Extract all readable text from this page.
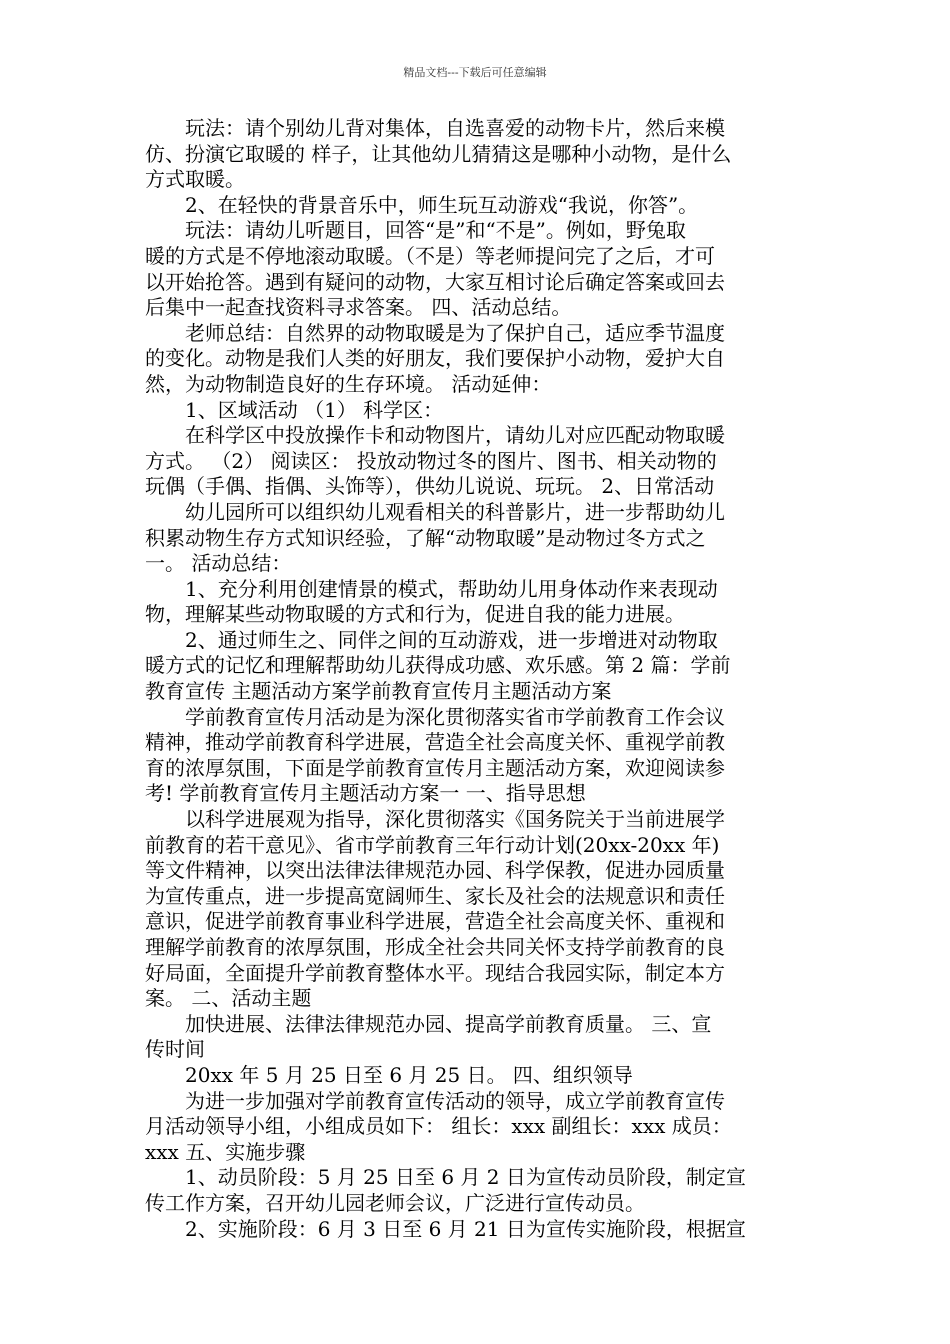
精品文档---下载后可任意编辑
　　玩法：请个别幼儿背对集体，自选喜爱的动物卡片，然后来模
仿、扮演它取暖的 样子，让其他幼儿猜猜这是哪种小动物，是什么
方式取暖。
　　2、在轻快的背景音乐中，师生玩互动游戏“我说，你答”。
　　玩法：请幼儿听题目，回答“是”和“不是”。例如，野兔取
暖的方式是不停地滚动取暖。（不是）等老师提问完了之后，才可
以开始抢答。遇到有疑问的动物，大家互相讨论后确定答案或回去
后集中一起查找资料寻求答案。 四、活动总结。
　　老师总结：自然界的动物取暖是为了保护自己，适应季节温度
的变化。动物是我们人类的好朋友，我们要保护小动物，爱护大自
然，为动物制造良好的生存环境。 活动延伸：
　　1、区域活动 （1） 科学区：
　　在科学区中投放操作卡和动物图片，请幼儿对应匹配动物取暖
方式。 （2） 阅读区： 投放动物过冬的图片、图书、相关动物的
玩偶（手偶、指偶、头饰等），供幼儿说说、玩玩。 2、日常活动
　　幼儿园所可以组织幼儿观看相关的科普影片，进一步帮助幼儿
积累动物生存方式知识经验，了解“动物取暖”是动物过冬方式之
一。 活动总结：
　　1、充分利用创建情景的模式，帮助幼儿用身体动作来表现动
物，理解某些动物取暖的方式和行为，促进自我的能力进展。
　　2、通过师生之、同伴之间的互动游戏，进一步增进对动物取
暖方式的记忆和理解帮助幼儿获得成功感、欢乐感。第 2 篇：学前
教育宣传 主题活动方案学前教育宣传月主题活动方案
　　学前教育宣传月活动是为深化贯彻落实省市学前教育工作会议
精神，推动学前教育科学进展，营造全社会高度关怀、重视学前教
育的浓厚氛围，下面是学前教育宣传月主题活动方案，欢迎阅读参
考! 学前教育宣传月主题活动方案一 一、指导思想
　　以科学进展观为指导，深化贯彻落实《国务院关于当前进展学
前教育的若干意见》、省市学前教育三年行动计划(20xx-20xx 年)
等文件精神，以突出法律法律规范办园、科学保教，促进办园质量
为宣传重点，进一步提高宽阔师生、家长及社会的法规意识和责任
意识，促进学前教育事业科学进展，营造全社会高度关怀、重视和
理解学前教育的浓厚氛围，形成全社会共同关怀支持学前教育的良
好局面，全面提升学前教育整体水平。现结合我园实际，制定本方
案。 二、活动主题
　　加快进展、法律法律规范办园、提高学前教育质量。 三、宣
传时间
　　20xx 年 5 月 25 日至 6 月 25 日。 四、组织领导
　　为进一步加强对学前教育宣传活动的领导，成立学前教育宣传
月活动领导小组，小组成员如下： 组长：xxx 副组长：xxx 成员：
xxx 五、实施步骤
　　1、动员阶段：5 月 25 日至 6 月 2 日为宣传动员阶段，制定宣
传工作方案，召开幼儿园老师会议，广泛进行宣传动员。
　　2、实施阶段：6 月 3 日至 6 月 21 日为宣传实施阶段，根据宣
